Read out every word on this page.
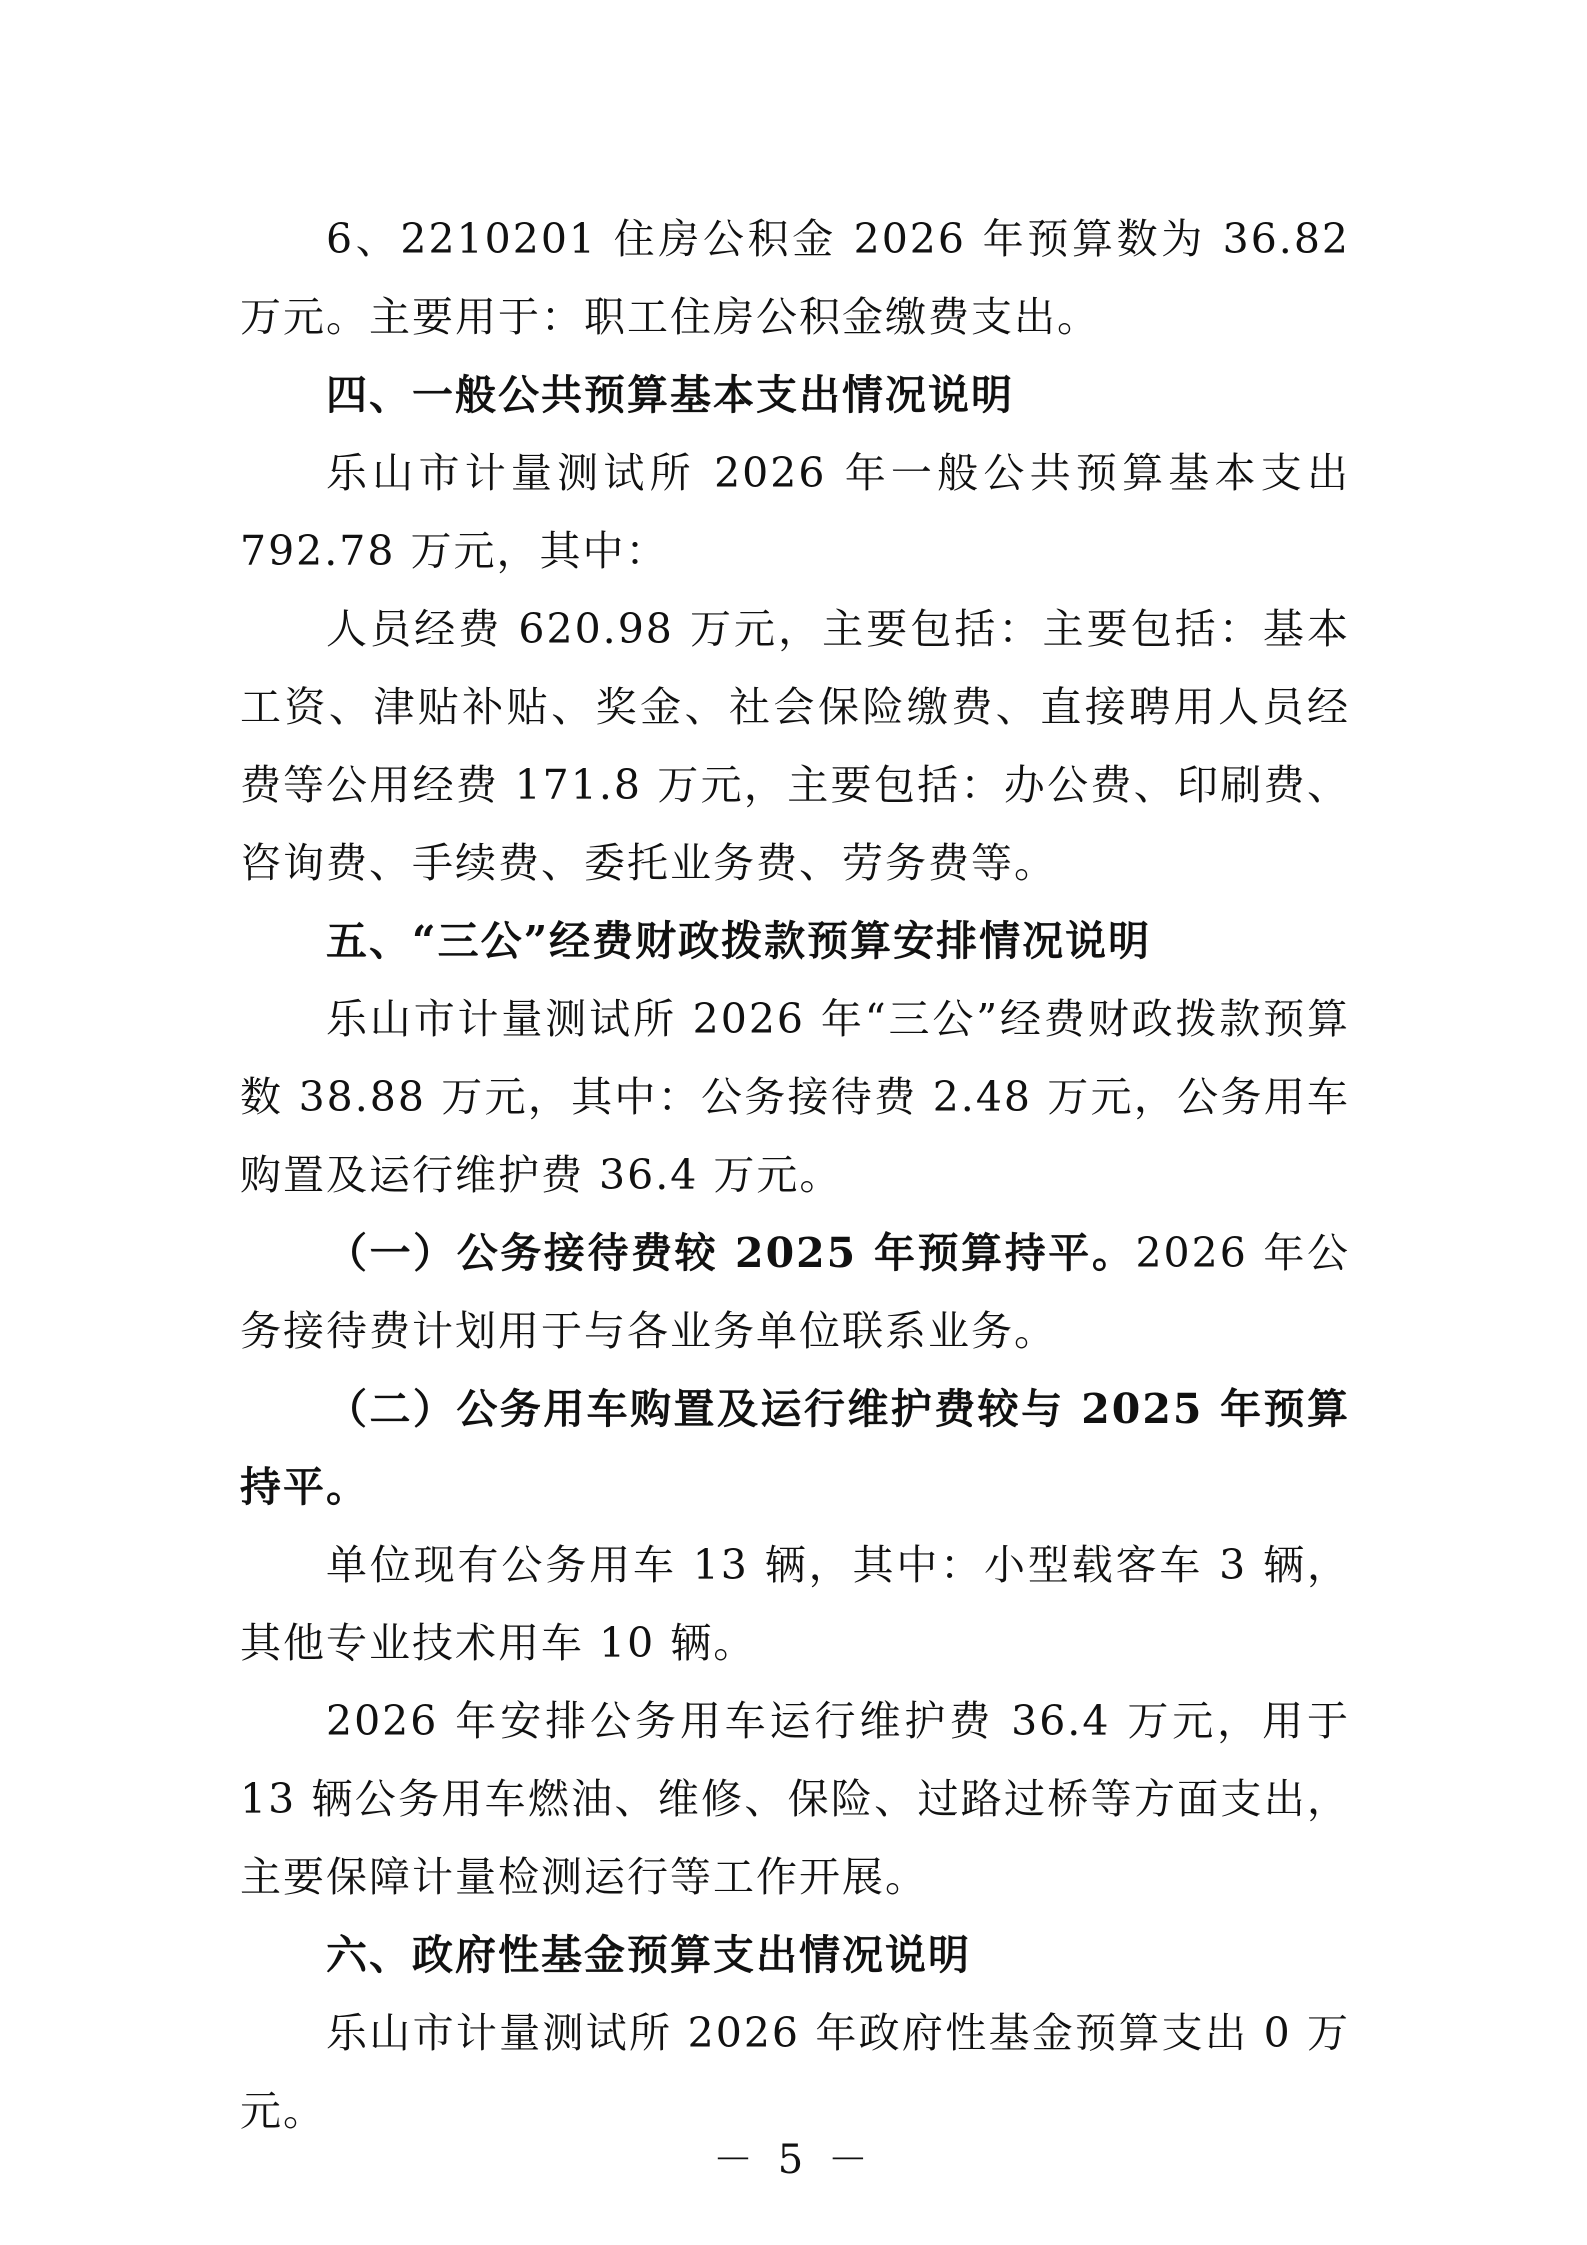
6、2210201 住房公积金 2026 年预算数为 36.82 万元。主要用于：职工住房公积金缴费支出。

四、一般公共预算基本支出情况说明

乐山市计量测试所 2026 年一般公共预算基本支出 792.78 万元，其中：

人员经费 620.98 万元，主要包括：主要包括：基本工资、津贴补贴、奖金、社会保险缴费、直接聘用人员经费等 公用经费 171.8 万元，主要包括：办公费、印刷费、咨询费、手续费、委托业务费、劳务费等。

五、“三公”经费财政拨款预算安排情况说明

乐山市计量测试所 2026 年“三公”经费财政拨款预算数 38.88 万元，其中：公务接待费 2.48 万元，公务用车购置及运行维护费 36.4 万元。

（一）公务接待费较 2025 年预算持平。2026 年公务接待费计划用于与各业务单位联系业务。

（二）公务用车购置及运行维护费较与 2025 年预算持平。

单位现有公务用车 13 辆，其中：小型载客车 3 辆，其他专业技术用车 10 辆。

2026 年安排公务用车运行维护费 36.4 万元，用于 13 辆公务用车燃油、维修、保险、过路过桥等方面支出，主要保障计量检测运行等工作开展。

六、政府性基金预算支出情况说明

乐山市计量测试所 2026 年政府性基金预算支出 0 万元。

－ 5 －
